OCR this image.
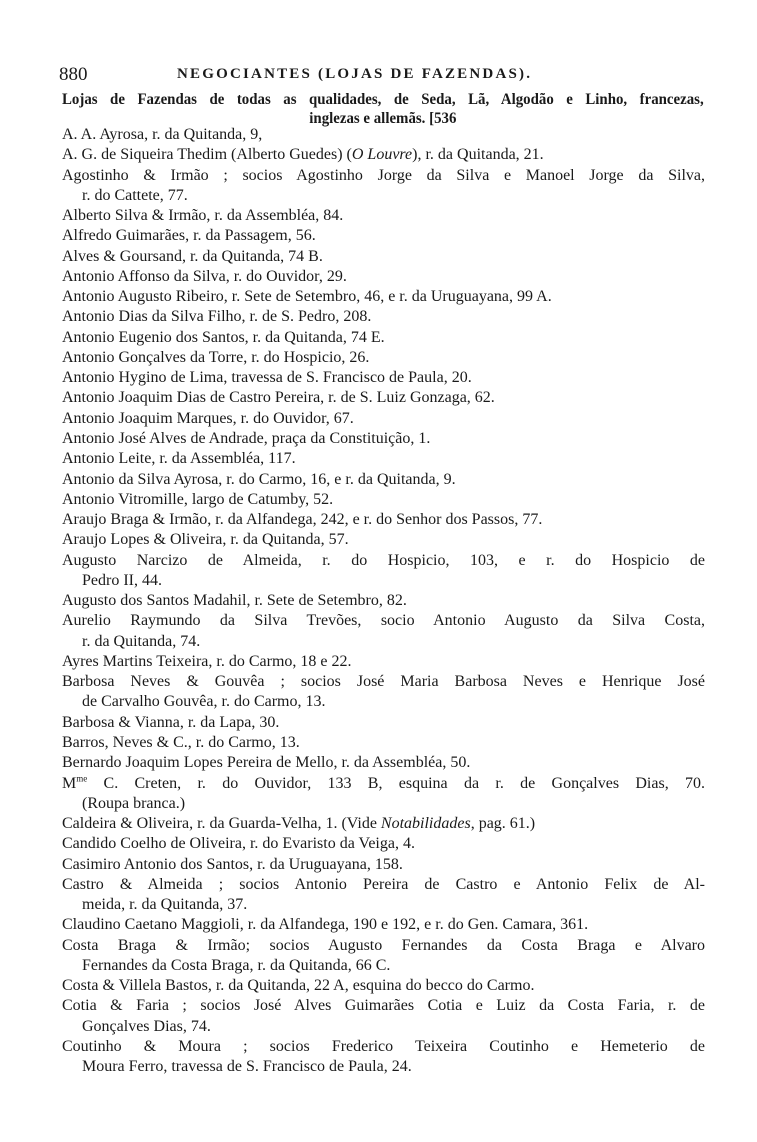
880	NEGOCIANTES (LOJAS DE FAZENDAS).
Lojas de Fazendas de todas as qualidades, de Seda, Lã, Algodão e Linho, francezas,
inglezas e allemãs. [536
A. A. Ayrosa, r. da Quitanda, 9,
A. G. de Siqueira Thedim (Alberto Guedes) (O Louvre), r. da Quitanda, 21.
Agostinho & Irmão ; socios Agostinho Jorge da Silva e Manoel Jorge da Silva,
r. do Cattete, 77.
Alberto Silva & Irmão, r. da Assembléa, 84.
Alfredo Guimarães, r. da Passagem, 56.
Alves & Goursand, r. da Quitanda, 74 B.
Antonio Affonso da Silva, r. do Ouvidor, 29.
Antonio Augusto Ribeiro, r. Sete de Setembro, 46, e r. da Uruguayana, 99 A.
Antonio Dias da Silva Filho, r. de S. Pedro, 208.
Antonio Eugenio dos Santos, r. da Quitanda, 74 E.
Antonio Gonçalves da Torre, r. do Hospicio, 26.
Antonio Hygino de Lima, travessa de S. Francisco de Paula, 20.
Antonio Joaquim Dias de Castro Pereira, r. de S. Luiz Gonzaga, 62.
Antonio Joaquim Marques, r. do Ouvidor, 67.
Antonio José Alves de Andrade, praça da Constituição, 1.
Antonio Leite, r. da Assembléa, 117.
Antonio da Silva Ayrosa, r. do Carmo, 16, e r. da Quitanda, 9.
Antonio Vitromille, largo de Catumby, 52.
Araujo Braga & Irmão, r. da Alfandega, 242, e r. do Senhor dos Passos, 77.
Araujo Lopes & Oliveira, r. da Quitanda, 57.
Augusto Narcizo de Almeida, r. do Hospicio, 103, e r. do Hospicio de
Pedro II, 44.
Augusto dos Santos Madahil, r. Sete de Setembro, 82.
Aurelio Raymundo da Silva Trevões, socio Antonio Augusto da Silva Costa,
r. da Quitanda, 74.
Ayres Martins Teixeira, r. do Carmo, 18 e 22.
Barbosa Neves & Gouvêa ; socios José Maria Barbosa Neves e Henrique José
de Carvalho Gouvêa, r. do Carmo, 13.
Barbosa & Vianna, r. da Lapa, 30.
Barros, Neves & C., r. do Carmo, 13.
Bernardo Joaquim Lopes Pereira de Mello, r. da Assembléa, 50.
$M^{me}$ C. Creten, r. do Ouvidor, 133 B, esquina da r. de Gonçalves Dias, 70.
(Roupa branca.)
Caldeira & Oliveira, r. da Guarda-Velha, 1. (Vide Notabilidades, pag. 61.)
Candido Coelho de Oliveira, r. do Evaristo da Veiga, 4.
Casimiro Antonio dos Santos, r. da Uruguayana, 158.
Castro & Almeida ; socios Antonio Pereira de Castro e Antonio Felix de Al-
meida, r. da Quitanda, 37.
Claudino Caetano Maggioli, r. da Alfandega, 190 e 192, e r. do Gen. Camara, 361.
Costa Braga & Irmão; socios Augusto Fernandes da Costa Braga e Alvaro
Fernandes da Costa Braga, r. da Quitanda, 66 C.
Costa & Villela Bastos, r. da Quitanda, 22 A, esquina do becco do Carmo.
Cotia & Faria ; socios José Alves Guimarães Cotia e Luiz da Costa Faria, r. de
Gonçalves Dias, 74.
Coutinho & Moura ; socios Frederico Teixeira Coutinho e Hemeterio de
Moura Ferro, travessa de S. Francisco de Paula, 24.
